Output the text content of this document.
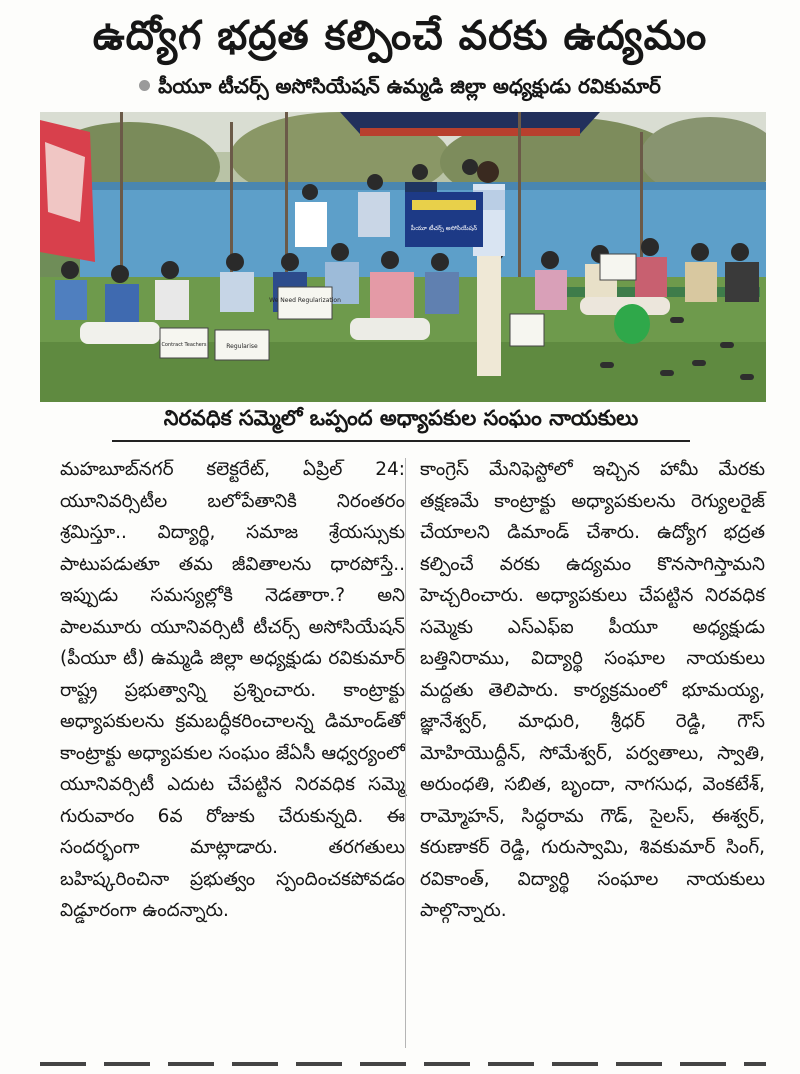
ఉద్యోగ భద్రత కల్పించే వరకు ఉద్యమం
పీయూ టీచర్స్ అసోసియేషన్ ఉమ్మడి జిల్లా అధ్యక్షుడు రవికుమార్
We Need Regularization
Regularise
Contract Teachers
పీయూ టీచర్స్ అసోసియేషన్
నిరవధిక సమ్మెలో ఒప్పంద అధ్యాపకుల సంఘం నాయకులు

మహబూబ్‌నగర్ కలెక్టరేట్, ఏప్రిల్ 24: యూనివర్సిటీల బలోపేతానికి నిరంతరం శ్రమిస్తూ.. విద్యార్థి, సమాజ శ్రేయస్సుకు పాటుపడుతూ తమ జీవితాలను ధారపోస్తే.. ఇప్పుడు సమస్యల్లోకి నెడతారా.? అని పాలమూరు యూనివర్సిటీ టీచర్స్ అసోసియేషన్ (పీయూ టీ) ఉమ్మడి జిల్లా అధ్యక్షుడు రవికుమార్ రాష్ట్ర ప్రభుత్వాన్ని ప్రశ్నించారు. కాంట్రాక్టు అధ్యాపకులను క్రమబద్ధీకరించాలన్న డిమాండ్‌తో కాంట్రాక్టు అధ్యాపకుల సంఘం జేఏసీ ఆధ్వర్యంలో యూనివర్సిటీ ఎదుట చేపట్టిన నిరవధిక సమ్మె గురువారం 6వ రోజుకు చేరుకున్నది. ఈ సందర్భంగా మాట్లాడారు. తరగతులు బహిష్కరించినా ప్రభుత్వం స్పందించకపోవడం విడ్డూరంగా ఉందన్నారు.

కాంగ్రెస్ మేనిఫెస్టోలో ఇచ్చిన హామీ మేరకు తక్షణమే కాంట్రాక్టు అధ్యాపకులను రెగ్యులరైజ్ చేయాలని డిమాండ్ చేశారు. ఉద్యోగ భద్రత కల్పించే వరకు ఉద్యమం కొనసాగిస్తామని హెచ్చరించారు. అధ్యాపకులు చేపట్టిన నిరవధిక సమ్మెకు ఎస్ఎఫ్ఐ పీయూ అధ్యక్షుడు బత్తినిరాము, విద్యార్థి సంఘాల నాయకులు మద్దతు తెలిపారు. కార్యక్రమంలో భూమయ్య, జ్ఞానేశ్వర్, మాధురి, శ్రీధర్ రెడ్డి, గౌస్ మోహియొద్దీన్, సోమేశ్వర్, పర్వతాలు, స్వాతి, అరుంధతి, సబిత, బృందా, నాగసుధ, వెంకటేశ్, రామ్మోహన్, సిద్ధరామ గౌడ్, సైలస్, ఈశ్వర్, కరుణాకర్ రెడ్డి, గురుస్వామి, శివకుమార్ సింగ్, రవికాంత్, విద్యార్థి సంఘాల నాయకులు పాల్గొన్నారు.
